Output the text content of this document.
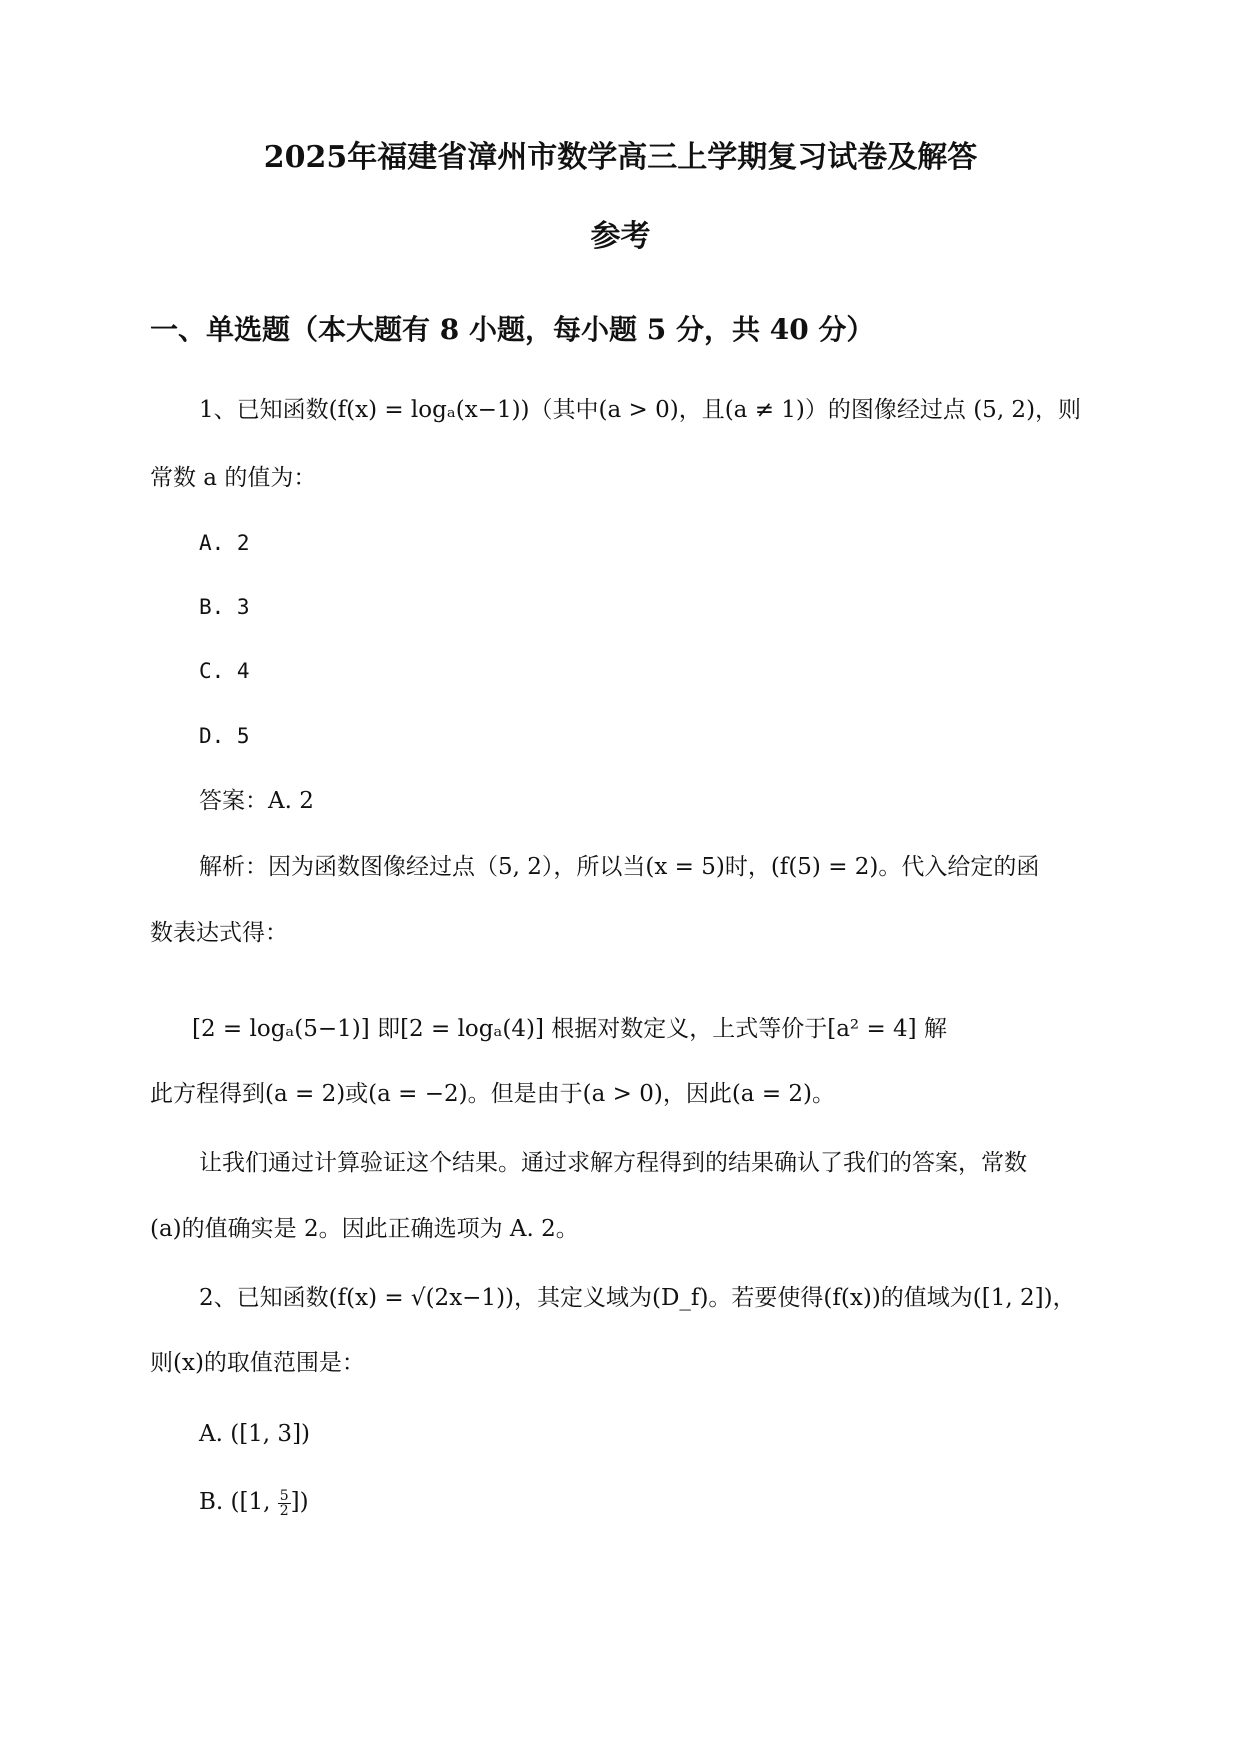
2025年福建省漳州市数学高三上学期复习试卷及解答
参考
一、单选题（本大题有 8 小题，每小题 5 分，共 40 分）
1、已知函数(f(x) = logₐ(x−1))（其中(a > 0)，且(a ≠ 1)）的图像经过点 (5, 2)，则
常数 a 的值为：
A. 2
B. 3
C. 4
D. 5
答案：A. 2
解析：因为函数图像经过点（5, 2），所以当(x = 5)时，(f(5) = 2)。代入给定的函
数表达式得：
[2 = logₐ(5−1)] 即[2 = logₐ(4)] 根据对数定义，上式等价于[a² = 4] 解
此方程得到(a = 2)或(a = −2)。但是由于(a > 0)，因此(a = 2)。
让我们通过计算验证这个结果。通过求解方程得到的结果确认了我们的答案，常数
(a)的值确实是 2。因此正确选项为 A. 2。
2、已知函数(f(x) = √(2x−1))，其定义域为(D_f)。若要使得(f(x))的值域为([1, 2])，
则(x)的取值范围是：
A. ([1, 3])
B. ([1, $\frac{5}{2}$ ])
